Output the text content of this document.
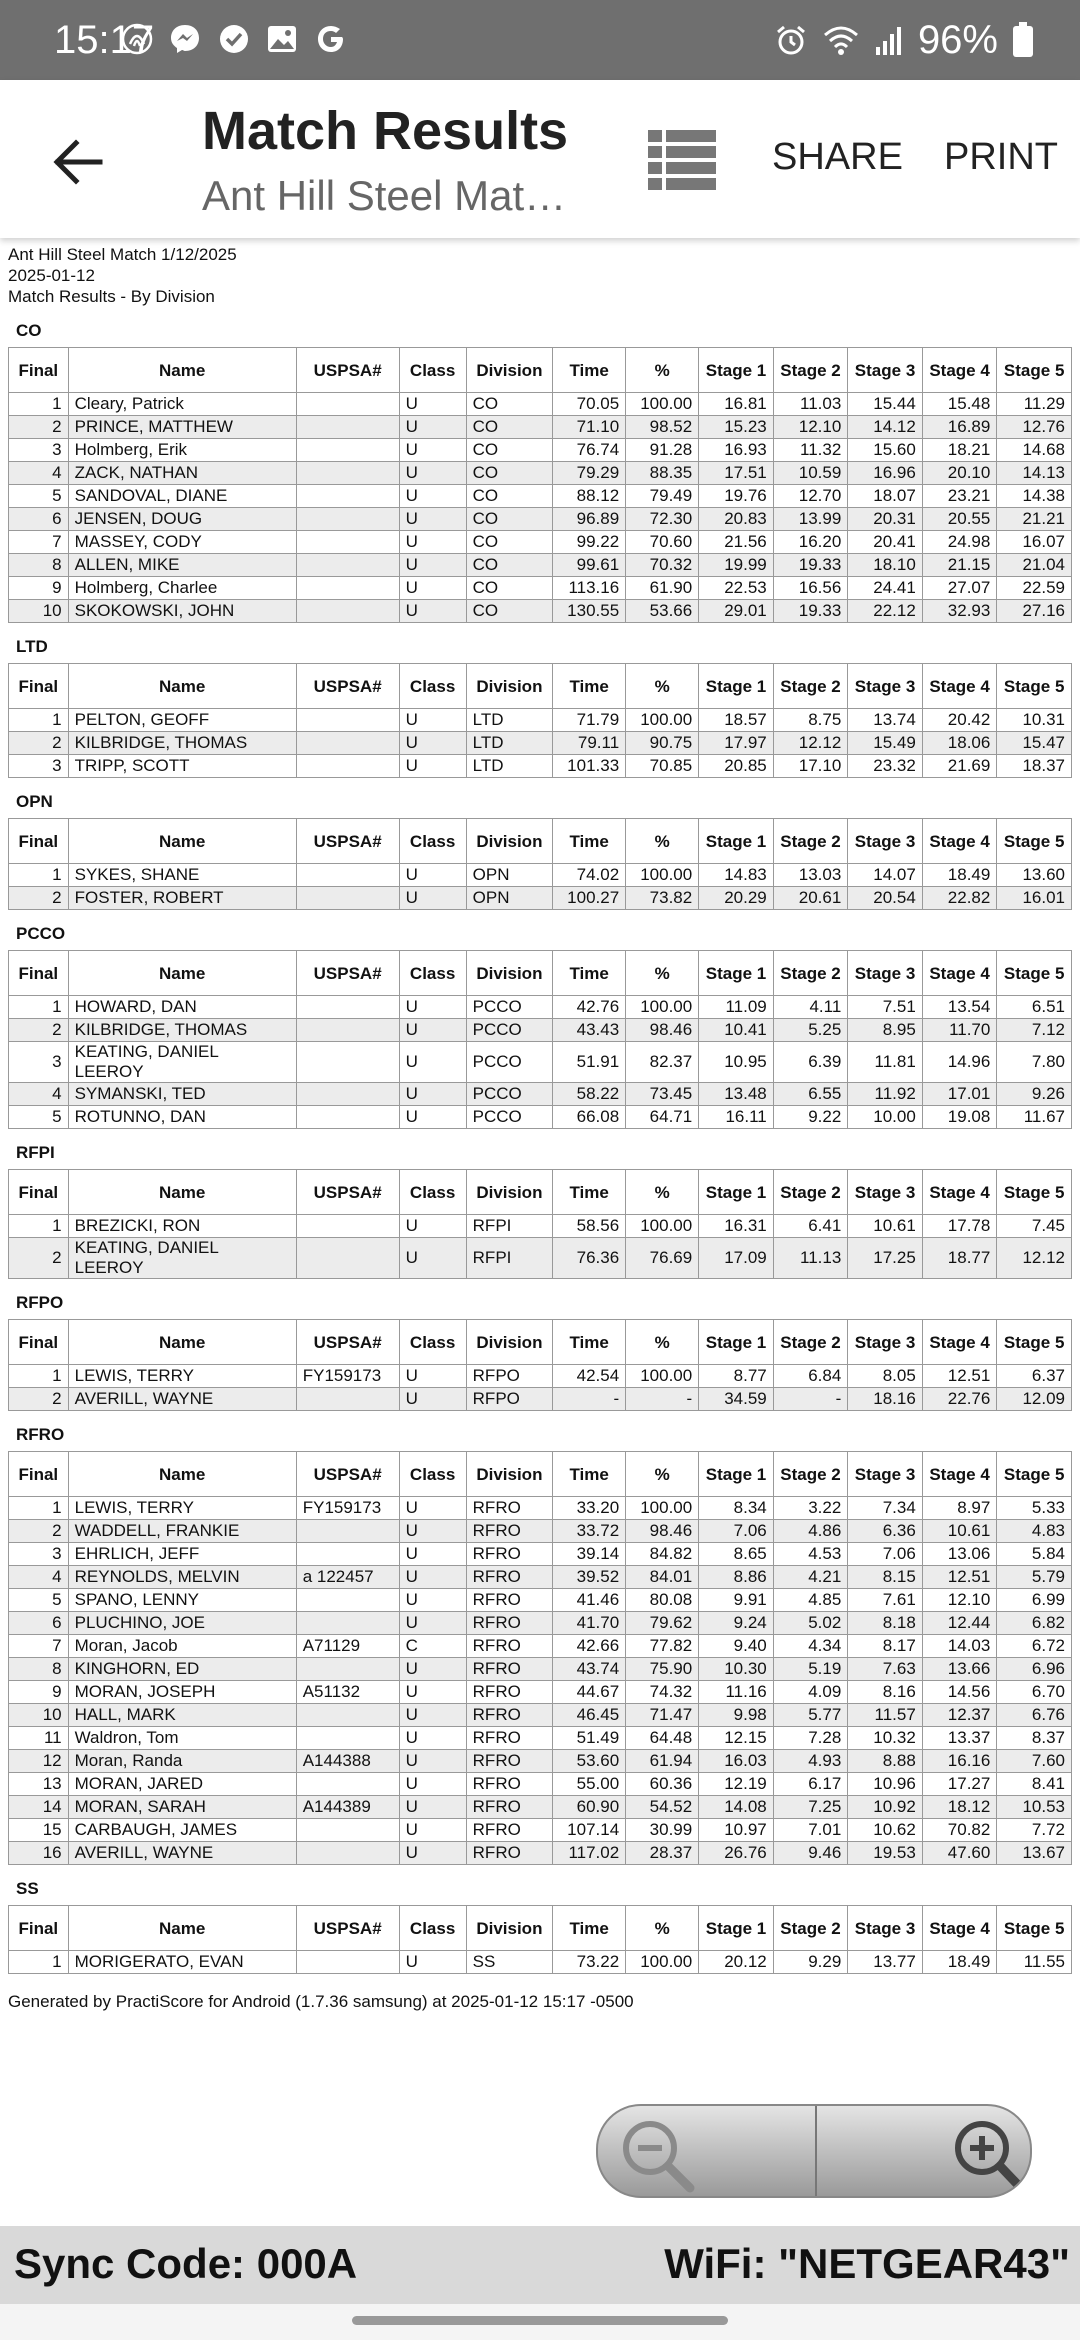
15:17
	96%
Match Results
Ant Hill Steel Mat…
SHARE PRINT
Ant Hill Steel Match 1/12/2025
2025-01-12
Match Results - By Division
CO
Final	Name	USPSA#	Class	Division	Time	%	Stage 1	Stage 2	Stage 3	Stage 4	Stage 5
1	Cleary, Patrick		U	CO	70.05	100.00	16.81	11.03	15.44	15.48	11.29
2	PRINCE, MATTHEW		U	CO	71.10	98.52	15.23	12.10	14.12	16.89	12.76
3	Holmberg, Erik		U	CO	76.74	91.28	16.93	11.32	15.60	18.21	14.68
4	ZACK, NATHAN		U	CO	79.29	88.35	17.51	10.59	16.96	20.10	14.13
5	SANDOVAL, DIANE		U	CO	88.12	79.49	19.76	12.70	18.07	23.21	14.38
6	JENSEN, DOUG		U	CO	96.89	72.30	20.83	13.99	20.31	20.55	21.21
7	MASSEY, CODY		U	CO	99.22	70.60	21.56	16.20	20.41	24.98	16.07
8	ALLEN, MIKE		U	CO	99.61	70.32	19.99	19.33	18.10	21.15	21.04
9	Holmberg, Charlee		U	CO	113.16	61.90	22.53	16.56	24.41	27.07	22.59
10	SKOKOWSKI, JOHN		U	CO	130.55	53.66	29.01	19.33	22.12	32.93	27.16
LTD
Final	Name	USPSA#	Class	Division	Time	%	Stage 1	Stage 2	Stage 3	Stage 4	Stage 5
1	PELTON, GEOFF		U	LTD	71.79	100.00	18.57	8.75	13.74	20.42	10.31
2	KILBRIDGE, THOMAS		U	LTD	79.11	90.75	17.97	12.12	15.49	18.06	15.47
3	TRIPP, SCOTT		U	LTD	101.33	70.85	20.85	17.10	23.32	21.69	18.37
OPN
Final	Name	USPSA#	Class	Division	Time	%	Stage 1	Stage 2	Stage 3	Stage 4	Stage 5
1	SYKES, SHANE		U	OPN	74.02	100.00	14.83	13.03	14.07	18.49	13.60
2	FOSTER, ROBERT		U	OPN	100.27	73.82	20.29	20.61	20.54	22.82	16.01
PCCO
Final	Name	USPSA#	Class	Division	Time	%	Stage 1	Stage 2	Stage 3	Stage 4	Stage 5
1	HOWARD, DAN		U	PCCO	42.76	100.00	11.09	4.11	7.51	13.54	6.51
2	KILBRIDGE, THOMAS		U	PCCO	43.43	98.46	10.41	5.25	8.95	11.70	7.12
3	KEATING, DANIEL LEEROY		U	PCCO	51.91	82.37	10.95	6.39	11.81	14.96	7.80
4	SYMANSKI, TED		U	PCCO	58.22	73.45	13.48	6.55	11.92	17.01	9.26
5	ROTUNNO, DAN		U	PCCO	66.08	64.71	16.11	9.22	10.00	19.08	11.67
RFPI
Final	Name	USPSA#	Class	Division	Time	%	Stage 1	Stage 2	Stage 3	Stage 4	Stage 5
1	BREZICKI, RON		U	RFPI	58.56	100.00	16.31	6.41	10.61	17.78	7.45
2	KEATING, DANIEL LEEROY		U	RFPI	76.36	76.69	17.09	11.13	17.25	18.77	12.12
RFPO
Final	Name	USPSA#	Class	Division	Time	%	Stage 1	Stage 2	Stage 3	Stage 4	Stage 5
1	LEWIS, TERRY	FY159173	U	RFPO	42.54	100.00	8.77	6.84	8.05	12.51	6.37
2	AVERILL, WAYNE		U	RFPO	-	-	34.59	-	18.16	22.76	12.09
RFRO
Final	Name	USPSA#	Class	Division	Time	%	Stage 1	Stage 2	Stage 3	Stage 4	Stage 5
1	LEWIS, TERRY	FY159173	U	RFRO	33.20	100.00	8.34	3.22	7.34	8.97	5.33
2	WADDELL, FRANKIE		U	RFRO	33.72	98.46	7.06	4.86	6.36	10.61	4.83
3	EHRLICH, JEFF		U	RFRO	39.14	84.82	8.65	4.53	7.06	13.06	5.84
4	REYNOLDS, MELVIN	a 122457	U	RFRO	39.52	84.01	8.86	4.21	8.15	12.51	5.79
5	SPANO, LENNY		U	RFRO	41.46	80.08	9.91	4.85	7.61	12.10	6.99
6	PLUCHINO, JOE		U	RFRO	41.70	79.62	9.24	5.02	8.18	12.44	6.82
7	Moran, Jacob	A71129	C	RFRO	42.66	77.82	9.40	4.34	8.17	14.03	6.72
8	KINGHORN, ED		U	RFRO	43.74	75.90	10.30	5.19	7.63	13.66	6.96
9	MORAN, JOSEPH	A51132	U	RFRO	44.67	74.32	11.16	4.09	8.16	14.56	6.70
10	HALL, MARK		U	RFRO	46.45	71.47	9.98	5.77	11.57	12.37	6.76
11	Waldron, Tom		U	RFRO	51.49	64.48	12.15	7.28	10.32	13.37	8.37
12	Moran, Randa	A144388	U	RFRO	53.60	61.94	16.03	4.93	8.88	16.16	7.60
13	MORAN, JARED		U	RFRO	55.00	60.36	12.19	6.17	10.96	17.27	8.41
14	MORAN, SARAH	A144389	U	RFRO	60.90	54.52	14.08	7.25	10.92	18.12	10.53
15	CARBAUGH, JAMES		U	RFRO	107.14	30.99	10.97	7.01	10.62	70.82	7.72
16	AVERILL, WAYNE		U	RFRO	117.02	28.37	26.76	9.46	19.53	47.60	13.67
SS
Final	Name	USPSA#	Class	Division	Time	%	Stage 1	Stage 2	Stage 3	Stage 4	Stage 5
1	MORIGERATO, EVAN		U	SS	73.22	100.00	20.12	9.29	13.77	18.49	11.55
Generated by PractiScore for Android (1.7.36 samsung) at 2025-01-12 15:17 -0500
Sync Code: 000A	WiFi: "NETGEAR43"
